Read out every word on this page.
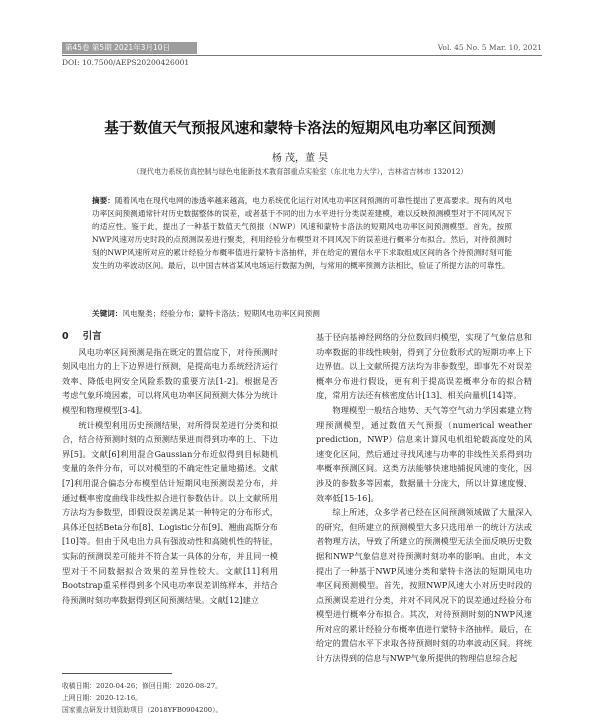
第45卷 第5期 2021年3月10日	Vol. 45 No. 5 Mar. 10, 2021
DOI: 10.7500/AEPS20200426001
基于数值天气预报风速和蒙特卡洛法的短期风电功率区间预测
杨 茂，董 昊
（现代电力系统仿真控制与绿色电能新技术教育部重点实验室（东北电力大学），吉林省吉林市 132012）
摘要：随着风电在现代电网的渗透率越来越高，电力系统优化运行对风电功率区间预测的可靠性提出了更高要求。现有的风电功率区间预测通常针对历史数据整体的误差，或者基于不同的出力水平进行分类误差建模，难以反映预测模型对于不同风况下的适应性。鉴于此，提出了一种基于数值天气预报（NWP）风速和蒙特卡洛法的短期风电功率区间预测模型。首先，按照NWP风速对历史时段的点预测误差进行聚类，利用经验分布模型对不同风况下的误差进行概率分布拟合。然后，对待预测时刻的NWP风速所对应的累计经验分布概率值进行蒙特卡洛抽样，并在给定的置信水平下求取组成区间的各个待预测时刻可能发生的功率波动区间。最后，以中国吉林省某风电场运行数据为例，与常用的概率预测方法相比，验证了所提方法的可靠性。
关键词：风电聚类；经验分布；蒙特卡洛法；短期风电功率区间预测

0 引言

风电功率区间预测是指在既定的置信度下，对待预测时刻风电出力的上下边界进行预测，是提高电力系统经济运行效率、降低电网安全风险系数的重要方法[1-2]。根据是否考虑气象环境因素，可以将风电功率区间预测大体分为统计模型和物理模型[3-4]。

统计模型利用历史预测结果，对所得误差进行分类和拟合，结合待预测时刻的点预测结果进而得到功率的上、下边界[5]。文献[6]利用混合Gaussian分布近似得到目标随机变量的条件分布，可以对模型的不确定性定量地描述。文献[7]利用混合偏态分布模型估计短期风电预测误差分布，并通过概率密度曲线非线性拟合进行参数估计。以上文献所用方法均为参数型，即假设误差满足某一种特定的分布形式，具体还包括Beta分布[8]、Logistic分布[9]、翘曲高斯分布[10]等。但由于风电出力具有强波动性和高随机性的特征，实际的预测误差可能并不符合某一具体的分布，并且同一模型对于不同数据拟合效果的差异性较大。文献[11]利用Bootstrap重采样得到多个风电功率误差训练样本，并结合待预测时刻功率数据得到区间预测结果。文献[12]建立

基于径向基神经网络的分位数回归模型，实现了气象信息和功率数据的非线性映射，得到了分位数形式的短期功率上下边界值。以上文献所提方法均为非参数型，即事先不对误差概率分布进行假设，更有利于提高误差概率分布的拟合精度，常用方法还有核密度估计[13]、相关向量机[14]等。

物理模型一般结合地势、天气等空气动力学因素建立物理预测模型，通过数值天气预报（numerical weather prediction，NWP）信息来计算风电机组轮毂高度处的风速变化区间，然后通过寻找风速与功率的非线性关系得到功率概率预测区间。这类方法能够快速地捕捉风速的变化，因涉及的参数多等因素，数据量十分庞大，所以计算速度慢、效率低[15-16]。

综上所述，众多学者已经在区间预测领域做了大量深入的研究，但所建立的预测模型大多只选用单一的统计方法或者物理方法，导致了所建立的预测模型无法全面反映历史数据和NWP气象信息对待预测时刻功率的影响。由此，本文提出了一种基于NWP风速分类和蒙特卡洛法的短期风电功率区间预测模型。首先，按照NWP风速大小对历史时段的点预测误差进行分类，并对不同风况下的误差通过经验分布模型进行概率分布拟合。其次，对待预测时刻的NWP风速所对应的累计经验分布概率值进行蒙特卡洛抽样。最后，在给定的置信水平下求取各待预测时刻的功率波动区间。将统计方法得到的信息与NWP气象所提供的物理信息综合起

收稿日期：2020-04-26；修回日期：2020-08-27。
上网日期：2020-12-16。
国家重点研发计划资助项目（2018YFB0904200）。
